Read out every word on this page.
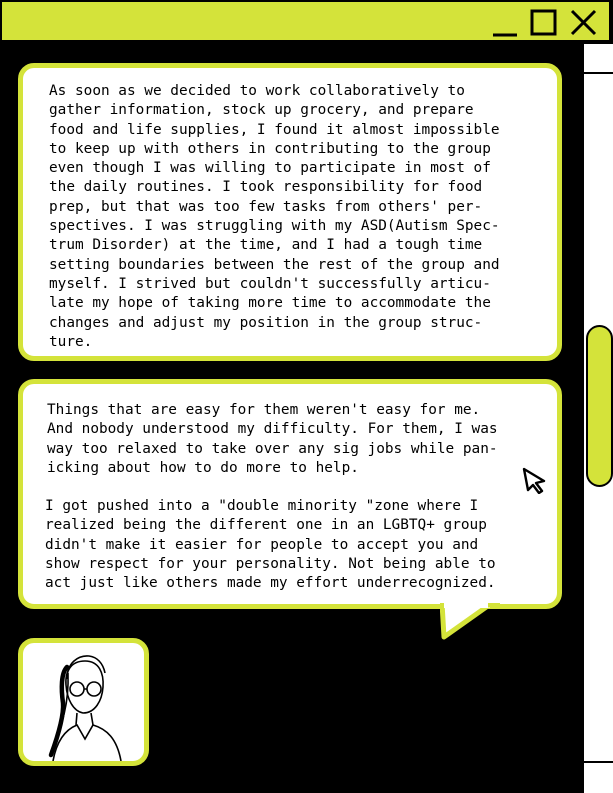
As soon as we decided to work collaboratively to
gather information, stock up grocery, and prepare
food and life supplies, I found it almost impossible
to keep up with others in contributing to the group
even though I was willing to participate in most of
the daily routines. I took responsibility for food
prep, but that was too few tasks from others' per-
spectives. I was struggling with my ASD(Autism Spec-
trum Disorder) at the time, and I had a tough time
setting boundaries between the rest of the group and
myself. I strived but couldn't successfully articu-
late my hope of taking more time to accommodate the
changes and adjust my position in the group struc-
ture.

Things that are easy for them weren't easy for me.
And nobody understood my difficulty. For them, I was
way too relaxed to take over any sig jobs while pan-
icking about how to do more to help.

I got pushed into a "double minority "zone where I
realized being the different one in an LGBTQ+ group
didn't make it easier for people to accept you and
show respect for your personality. Not being able to
act just like others made my effort underrecognized.
